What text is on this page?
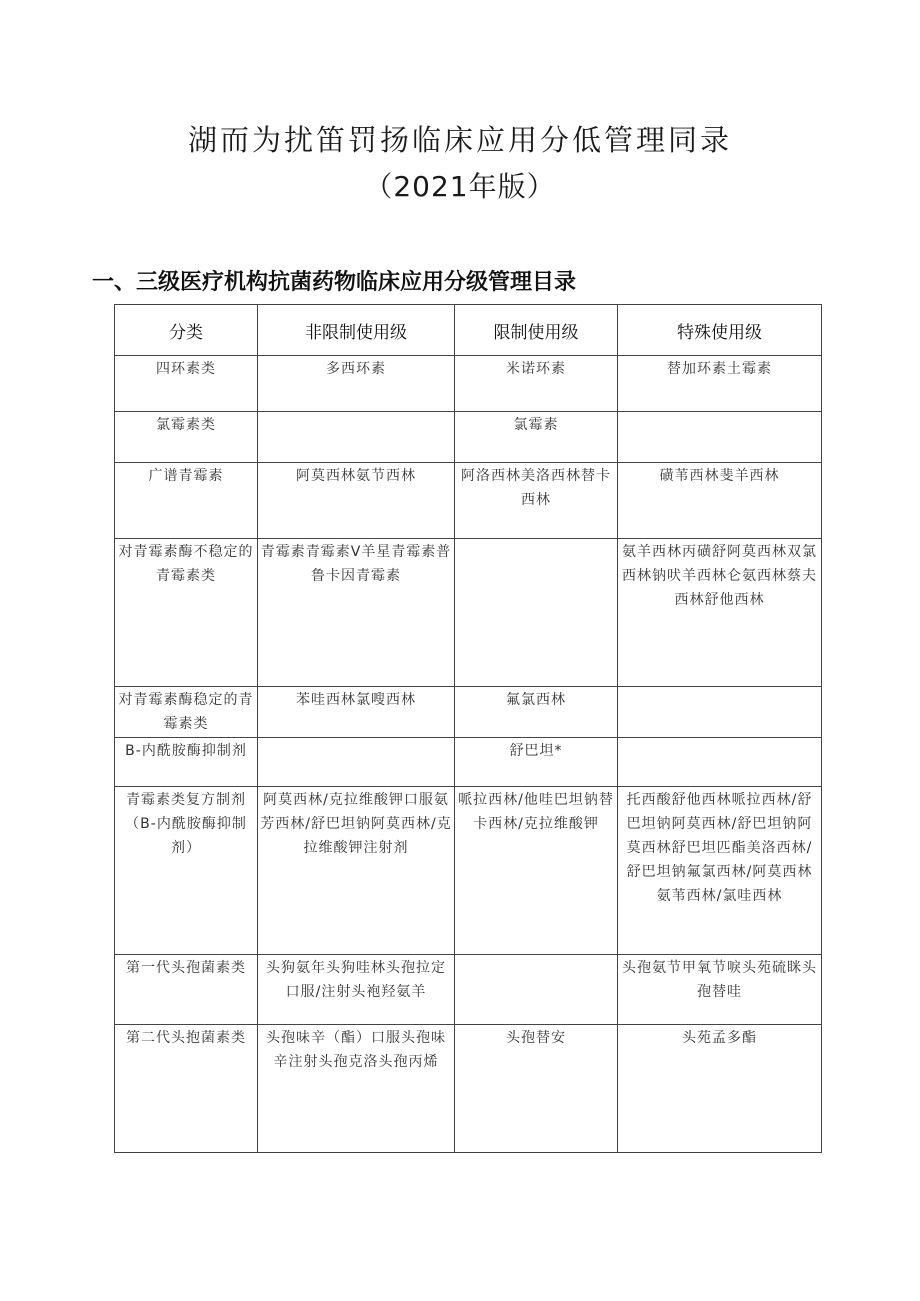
湖而为扰笛罚扬临床应用分低管理同录
（2021年版）
一、三级医疗机构抗菌药物临床应用分级管理目录
分类	非限制使用级	限制使用级	特殊使用级
四环素类	多西环素	米诺环素	替加环素土霉素
氯霉素类		氯霉素	
广谱青霉素	阿莫西林氨节西林	阿洛西林美洛西林替卡西林	磺苇西林斐羊西林
对青霉素酶不稳定的青霉素类	青霉素青霉素V羊星青霉素普鲁卡因青霉素		氨羊西林丙磺舒阿莫西林双氯西林钠吠羊西林仑氨西林蔡夫西林舒他西林
对青霉素酶稳定的青霉素类	苯哇西林氯嗖西林	氟氯西林	
B-内酰胺酶抑制剂		舒巴坦*	
青霉素类复方制剂（B-内酰胺酶抑制剂）	阿莫西林/克拉维酸钾口服氨芳西林/舒巴坦钠阿莫西林/克拉维酸钾注射剂	哌拉西林/他哇巴坦钠替卡西林/克拉维酸钾	托西酸舒他西林哌拉西林/舒巴坦钠阿莫西林/舒巴坦钠阿莫西林舒巴坦匹酯美洛西林/舒巴坦钠氟氯西林/阿莫西林氨苇西林/氯哇西林
第一代头孢菌素类	头狗氨年头狗哇林头孢拉定口服/注射头袍羟氨羊		头孢氨节甲氧节唳头苑硫眯头孢替哇
第二代头抱菌素类	头孢味辛（酯）口服头孢味辛注射头孢克洛头孢丙烯	头孢替安	头苑孟多酯
